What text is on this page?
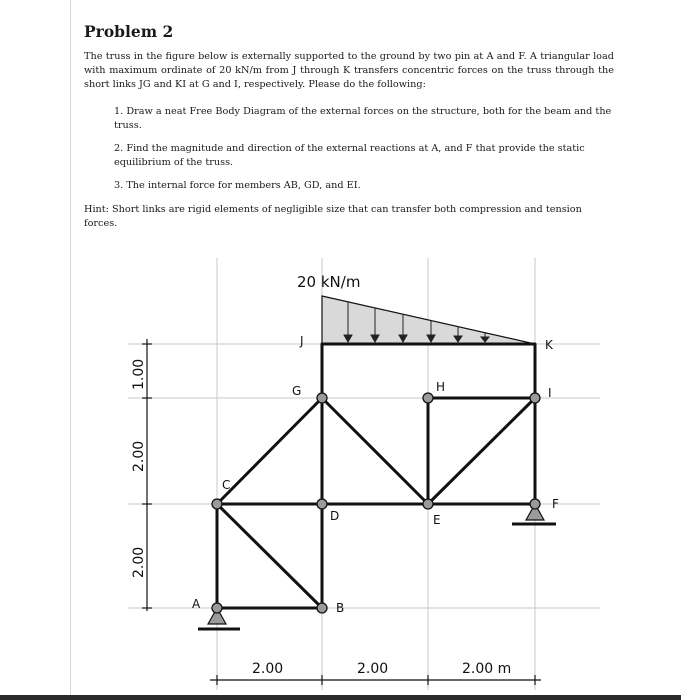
Problem 2
The truss in the figure below is externally supported to the ground by two pin at A and F. A triangular load with maximum ordinate of 20 kN/m from J through K transfers concentric forces on the truss through the short links JG and KI at G and I, respectively. Please do the following:
1. Draw a neat Free Body Diagram of the external forces on the structure, both for the beam and the truss.
2. Find the magnitude and direction of the external reactions at A, and F that provide the static equilibrium of the truss.
3. The internal force for members AB, GD, and EI.
Hint: Short links are rigid elements of negligible size that can transfer both compression and tension forces.
A	B
C
D	E
F
G	H	I
J	K
20 kN/m
2.00
2.00
1.00
2.00	2.00	2.00 m
